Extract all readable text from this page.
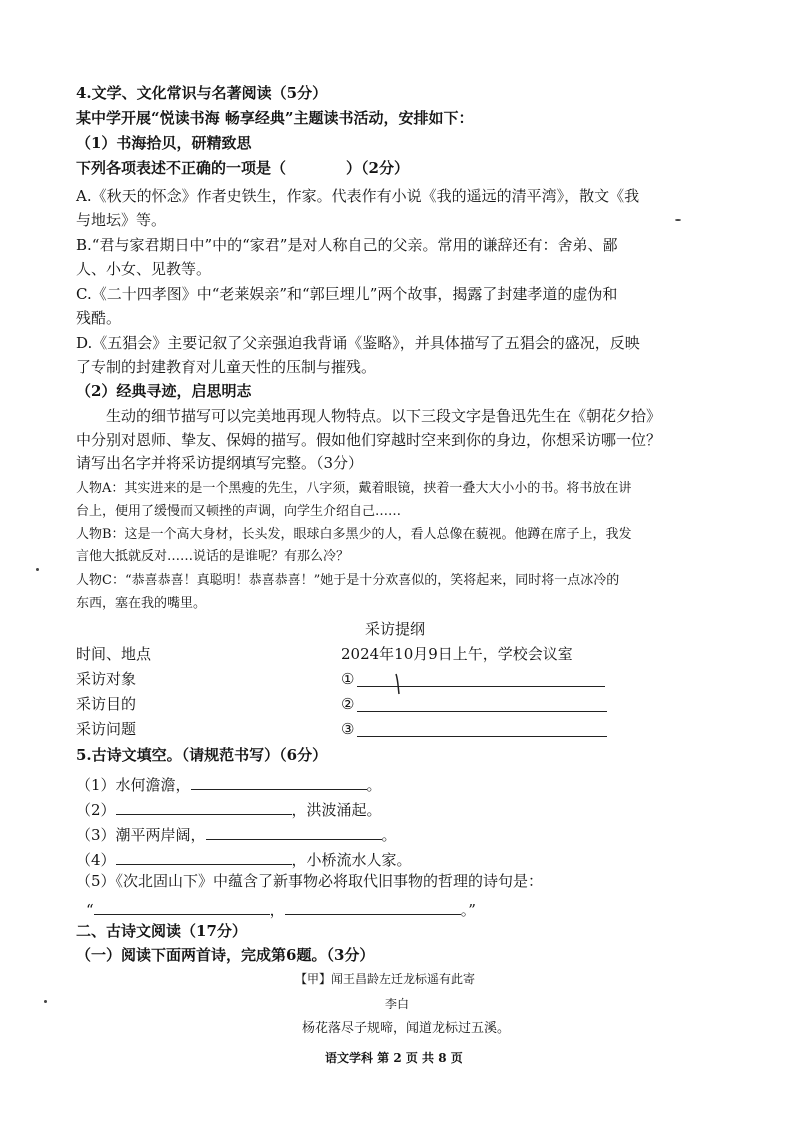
4.文学、文化常识与名著阅读（5分）
某中学开展“悦读书海 畅享经典”主题读书活动，安排如下：
（1）书海拾贝，研精致思
下列各项表述不正确的一项是（　　　　）（2分）
A.《秋天的怀念》作者史铁生，作家。代表作有小说《我的遥远的清平湾》，散文《我
与地坛》等。
B.“君与家君期日中”中的“家君”是对人称自己的父亲。常用的谦辞还有：舍弟、鄙
人、小女、见教等。
C.《二十四孝图》中“老莱娱亲”和“郭巨埋儿”两个故事，揭露了封建孝道的虚伪和
残酷。
D.《五猖会》主要记叙了父亲强迫我背诵《鉴略》，并具体描写了五猖会的盛况，反映
了专制的封建教育对儿童天性的压制与摧残。
（2）经典寻迹，启思明志
生动的细节描写可以完美地再现人物特点。以下三段文字是鲁迅先生在《朝花夕拾》
中分别对恩师、挚友、保姆的描写。假如他们穿越时空来到你的身边，你想采访哪一位？
请写出名字并将采访提纲填写完整。（3分）
人物A：其实进来的是一个黑瘦的先生，八字须，戴着眼镜，挟着一叠大大小小的书。将书放在讲
台上，便用了缓慢而又顿挫的声调，向学生介绍自己……
人物B：这是一个高大身材，长头发，眼球白多黑少的人，看人总像在藐视。他蹲在席子上，我发
言他大抵就反对……说话的是谁呢？有那么冷？
人物C：“恭喜恭喜！真聪明！恭喜恭喜！”她于是十分欢喜似的，笑将起来，同时将一点冰冷的
东西，塞在我的嘴里。
采访提纲
时间、地点	2024年10月9日上午，学校会议室
采访对象	①
采访目的	②
采访问题	③
5.古诗文填空。（请规范书写）（6分）
（1）水何澹澹，	。
（2）	，洪波涌起。
（3）潮平两岸阔，	。
（4）	，小桥流水人家。
（5）《次北固山下》中蕴含了新事物必将取代旧事物的哲理的诗句是：
“	，	。”
二、古诗文阅读（17分）
（一）阅读下面两首诗，完成第6题。（3分）
【甲】闻王昌龄左迁龙标遥有此寄
李白
杨花落尽子规啼，闻道龙标过五溪。
语文学科 第 2 页 共 8 页
